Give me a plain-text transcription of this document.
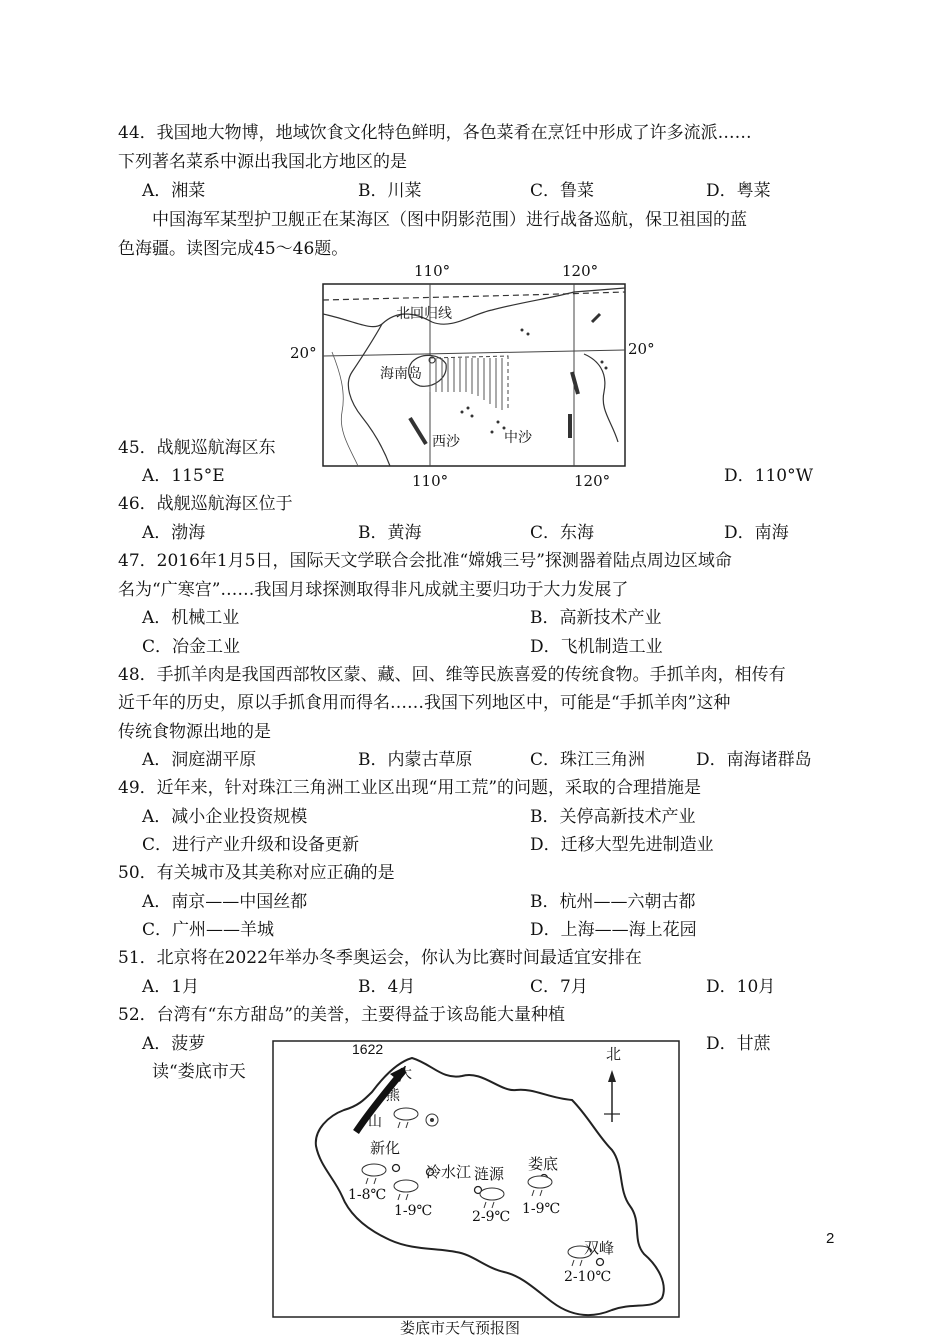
44．我国地大物博，地域饮食文化特色鲜明，各色菜肴在烹饪中形成了许多流派……
下列著名菜系中源出我国北方地区的是
A．湘菜	B．川菜	C．鲁菜	D．粤菜
中国海军某型护卫舰正在某海区（图中阴影范围）进行战备巡航，保卫祖国的蓝
色海疆。读图完成45～46题。
45．战舰巡航海区东
A．115°E	D．110°W
46．战舰巡航海区位于
A．渤海	B．黄海	C．东海	D．南海
110°	120°
20°	20°
110°	120°
北回归线
海南岛
西沙	中沙
47．2016年1月5日，国际天文学联合会批准“嫦娥三号”探测器着陆点周边区域命
名为“广寒宫”……我国月球探测取得非凡成就主要归功于大力发展了
A．机械工业	B．高新技术产业
C．冶金工业	D．飞机制造工业
48．手抓羊肉是我国西部牧区蒙、藏、回、维等民族喜爱的传统食物。手抓羊肉，相传有
近千年的历史，原以手抓食用而得名……我国下列地区中，可能是“手抓羊肉”这种
传统食物源出地的是
A．洞庭湖平原	B．内蒙古草原	C．珠江三角洲	D．南海诸群岛
49．近年来，针对珠江三角洲工业区出现“用工荒”的问题，采取的合理措施是
A．减小企业投资规模	B．关停高新技术产业
C．进行产业升级和设备更新	D．迁移大型先进制造业
50．有关城市及其美称对应正确的是
A．南京——中国丝都	B．杭州——六朝古都
C．广州——羊城	D．上海——海上花园
51．北京将在2022年举办冬季奥运会，你认为比赛时间最适宜安排在
A．1月	B．4月	C．7月	D．10月
52．台湾有“东方甜岛”的美誉，主要得益于该岛能大量种植
A．菠萝	D．甘蔗
读“娄底市天
1622
大
熊
山
北
新化
1-8℃
冷水江
1-9℃
涟源
2-9℃
娄底
1-9℃
双峰
2-10℃
娄底市天气预报图
2
